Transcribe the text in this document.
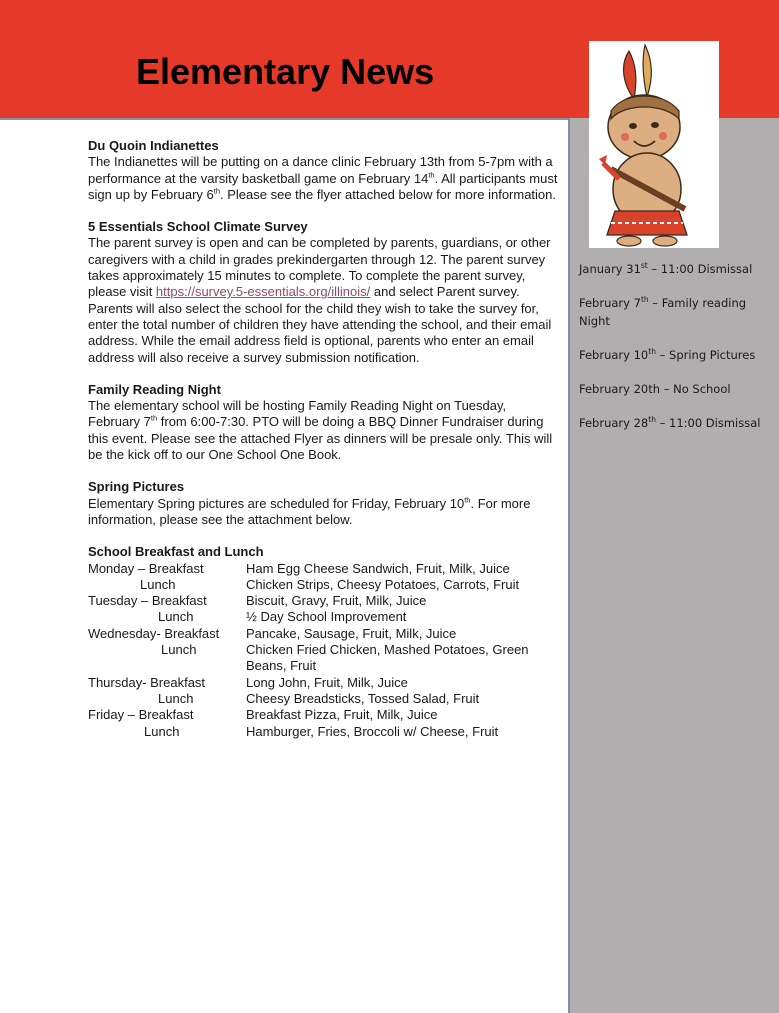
Elementary News

January 31st – 11:00 Dismissal

February 7th – Family reading Night

February 10th – Spring Pictures

February 20th – No School

February 28th – 11:00 Dismissal

Du Quoin Indianettes

The Indianettes will be putting on a dance clinic February 13th from 5-7pm with a performance at the varsity basketball game on February 14th. All participants must sign up by February 6th. Please see the flyer attached below for more information.

5 Essentials School Climate Survey

The parent survey is open and can be completed by parents, guardians, or other caregivers with a child in grades prekindergarten through 12. The parent survey takes approximately 15 minutes to complete. To complete the parent survey, please visit https://survey.5-essentials.org/illinois/ and select Parent survey. Parents will also select the school for the child they wish to take the survey for, enter the total number of children they have attending the school, and their email address. While the email address field is optional, parents who enter an email address will also receive a survey submission notification.

Family Reading Night

The elementary school will be hosting Family Reading Night on Tuesday, February 7th from 6:00-7:30. PTO will be doing a BBQ Dinner Fundraiser during this event. Please see the attached Flyer as dinners will be presale only. This will be the kick off to our One School One Book.

Spring Pictures

Elementary Spring pictures are scheduled for Friday, February 10th. For more information, please see the attachment below.

School Breakfast and Lunch
Monday – Breakfast	Ham Egg Cheese Sandwich, Fruit, Milk, Juice
Lunch	Chicken Strips, Cheesy Potatoes, Carrots, Fruit
Tuesday – Breakfast	Biscuit, Gravy, Fruit, Milk, Juice
Lunch	½ Day School Improvement
Wednesday- Breakfast	Pancake, Sausage, Fruit, Milk, Juice
Lunch	Chicken Fried Chicken, Mashed Potatoes, Green Beans, Fruit
Thursday- Breakfast	Long John, Fruit, Milk, Juice
Lunch	Cheesy Breadsticks, Tossed Salad, Fruit
Friday – Breakfast	Breakfast Pizza, Fruit, Milk, Juice
Lunch	Hamburger, Fries, Broccoli w/ Cheese, Fruit
